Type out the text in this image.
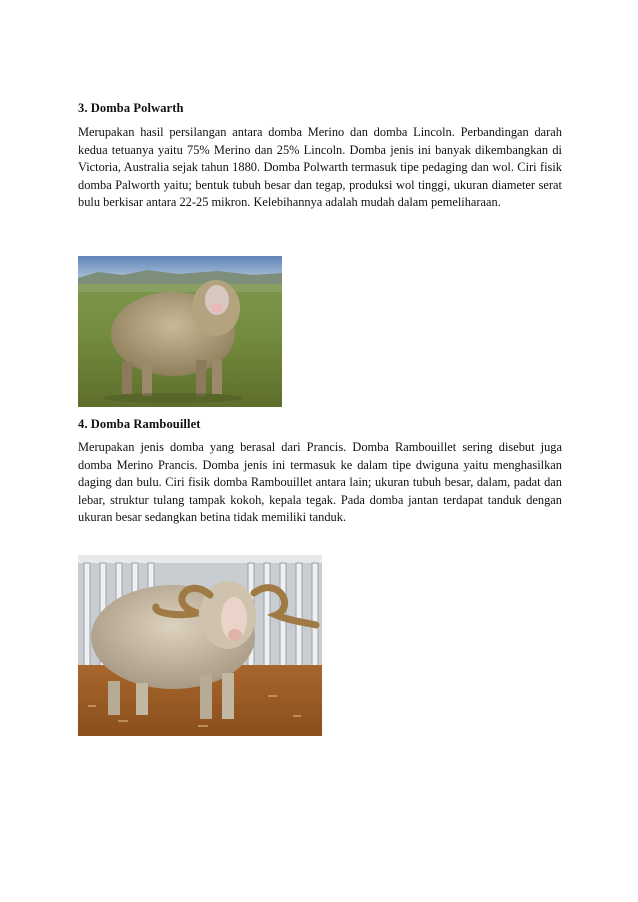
3. Domba Polwarth

Merupakan hasil persilangan antara domba Merino dan domba Lincoln. Perbandingan darah kedua tetuanya yaitu 75% Merino dan 25% Lincoln. Domba jenis ini banyak dikembangkan di Victoria, Australia sejak tahun 1880. Domba Polwarth termasuk tipe pedaging dan wol. Ciri fisik domba Palworth yaitu; bentuk tubuh besar dan tegap, produksi wol tinggi, ukuran diameter serat bulu berkisar antara 22-25 mikron. Kelebihannya adalah mudah dalam pemeliharaan.

4. Domba Rambouillet

Merupakan jenis domba yang berasal dari Prancis. Domba Rambouillet sering disebut juga domba Merino Prancis. Domba jenis ini termasuk ke dalam tipe dwiguna yaitu menghasilkan daging dan bulu. Ciri fisik domba Rambouillet antara lain; ukuran tubuh besar, dalam, padat dan lebar, struktur tulang tampak kokoh, kepala tegak. Pada domba jantan terdapat tanduk dengan ukuran besar sedangkan betina tidak memiliki tanduk.
